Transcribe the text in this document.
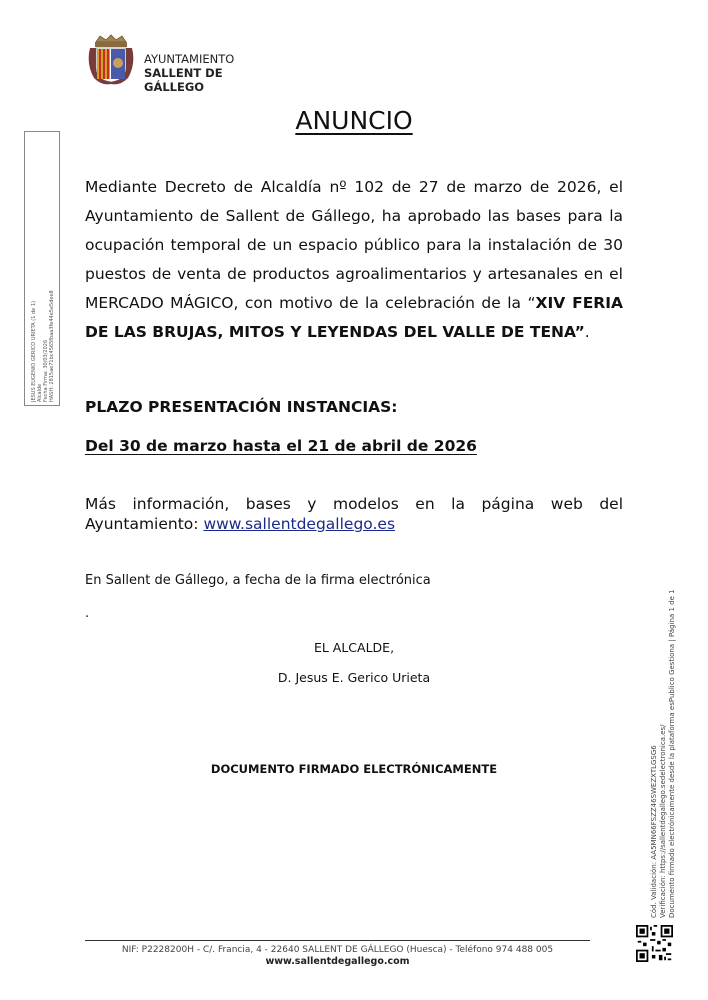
AYUNTAMIENTO
SALLENT DE GÁLLEGO
ANUNCIO
Mediante Decreto de Alcaldía nº 102 de 27 de marzo de 2026, el Ayuntamiento de Sallent de Gállego, ha aprobado las bases para la ocupación temporal de un espacio público para la instalación de 30 puestos de venta de productos agroalimentarios y artesanales en el MERCADO MÁGICO, con motivo de la celebración de la “XIV FERIA DE LAS BRUJAS, MITOS Y LEYENDAS DEL VALLE DE TENA”.
PLAZO PRESENTACIÓN INSTANCIAS:
Del 30 de marzo hasta el 21 de abril de 2026
Más información, bases y modelos en la página web del Ayuntamiento: www.sallentdegallego.es
En Sallent de Gállego, a fecha de la firma electrónica
.
EL ALCALDE,
D. Jesus E. Gerico Urieta
DOCUMENTO FIRMADO ELECTRÓNICAMENTE
JESUS EUGENIO GERICO URIETA (1 de 1) Alcalde Fecha Firma: 30/03/2026 HASH: 2815ae71bc4565fbaa3fe44e5e5dee8
Cód. Validación: AA5MN66FSZZ46SWEZXTLGSG6 Verificación: https://sallentdegallego.sedelectronica.es/ Documento firmado electrónicamente desde la plataforma esPublico Gestiona | Página 1 de 1
NIF: P2228200H - C/. Francia, 4 - 22640 SALLENT DE GÁLLEGO (Huesca) - Teléfono 974 488 005
www.sallentdegallego.com
